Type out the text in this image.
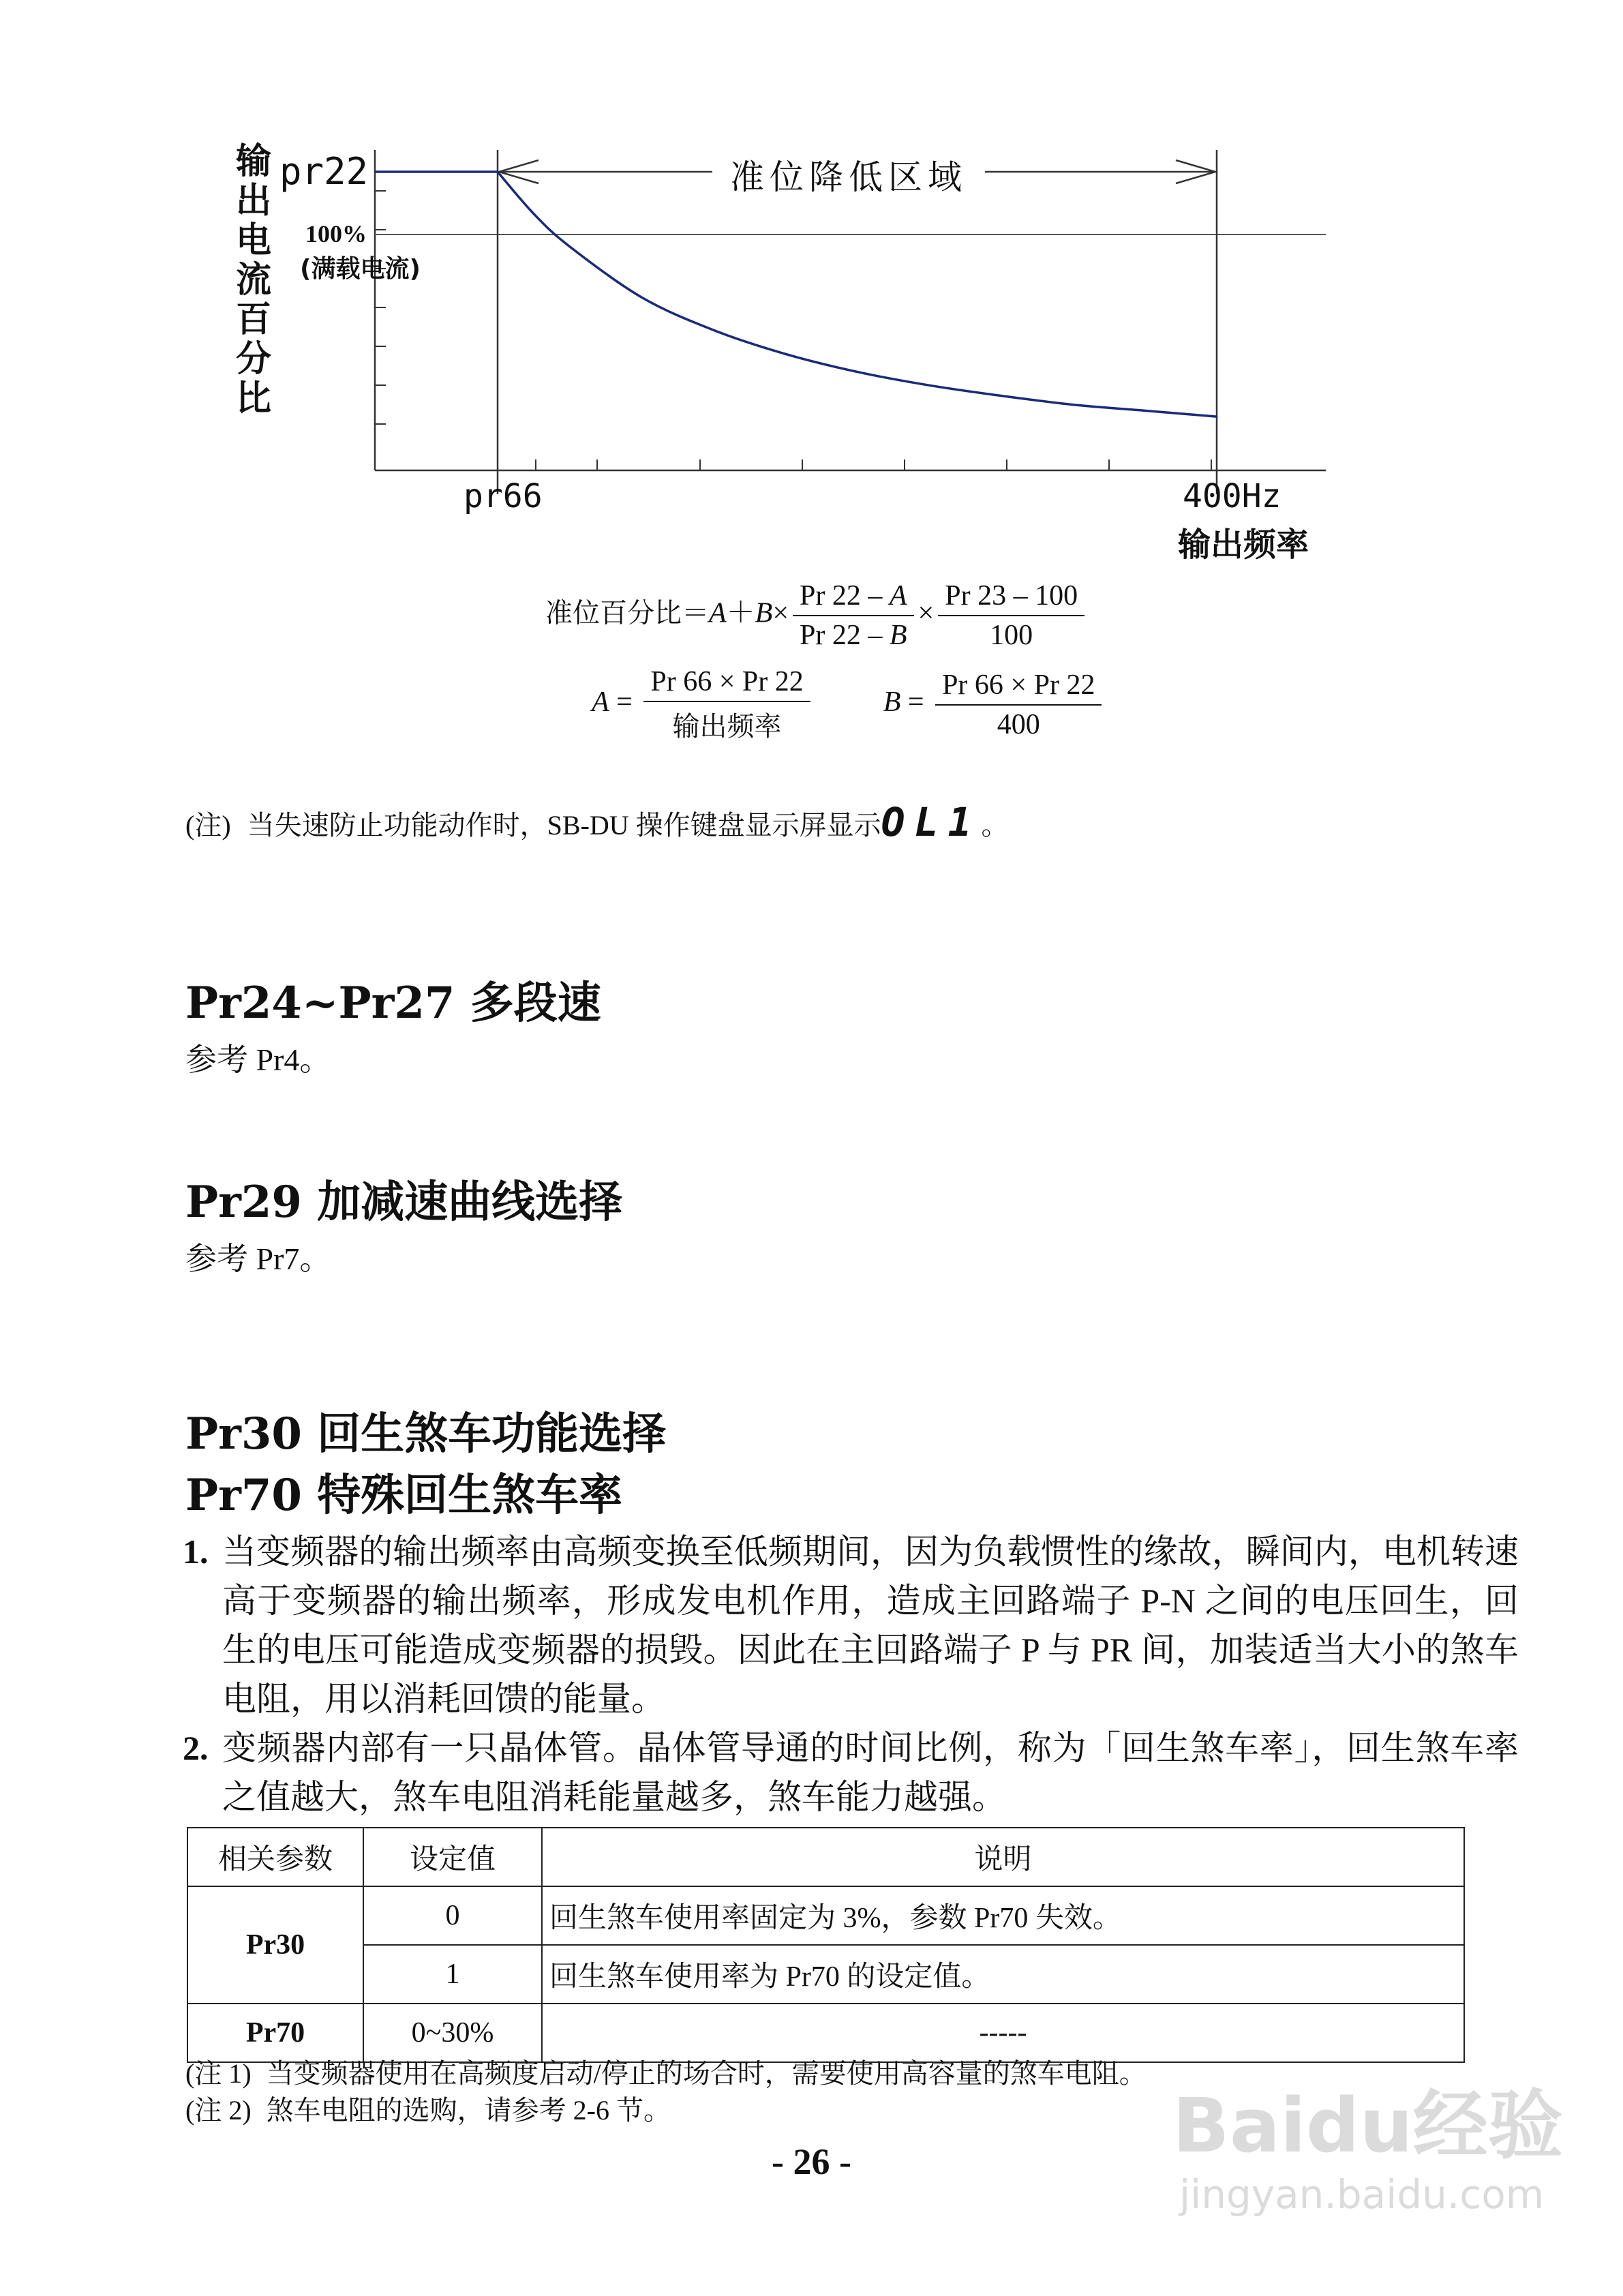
输
出
电
流
百
分
比
pr22
100%
(满载电流)
准位降低区域
pr66	400Hz
输出频率
准位百分比$=A+B\times \frac{Pr 22 - A}{Pr 22 - B} \times \frac{Pr 23 - 100}{100}$
$A = \frac{Pr 66 \times Pr 22}{\text{输出频率}}$	$B = \frac{Pr 66 \times Pr 22}{400}$
(注) 当失速防止功能动作时，SB-DU 操作键盘显示屏显示OL1。
Pr24~Pr27 多段速
参考 Pr4。
Pr29 加减速曲线选择
参考 Pr7。
Pr30 回生煞车功能选择
Pr70 特殊回生煞车率
1. 当变频器的输出频率由高频变换至低频期间，因为负载惯性的缘故，瞬间内，电机转速高于变频器的输出频率，形成发电机作用，造成主回路端子 P-N 之间的电压回生，回生的电压可能造成变频器的损毁。因此在主回路端子 P 与 PR 间，加装适当大小的煞车电阻，用以消耗回馈的能量。
2. 变频器内部有一只晶体管。晶体管导通的时间比例，称为「回生煞车率」，回生煞车率之值越大，煞车电阻消耗能量越多，煞车能力越强。
相关参数	设定值	说明
Pr30	0	回生煞车使用率固定为 3%，参数 Pr70 失效。
	1	回生煞车使用率为 Pr70 的设定值。
Pr70	0~30%	-----
(注 1) 当变频器使用在高频度启动/停止的场合时，需要使用高容量的煞车电阻。
(注 2) 煞车电阻的选购，请参考 2-6 节。
- 26 -	Baidu经验
jingyan.baidu.com
